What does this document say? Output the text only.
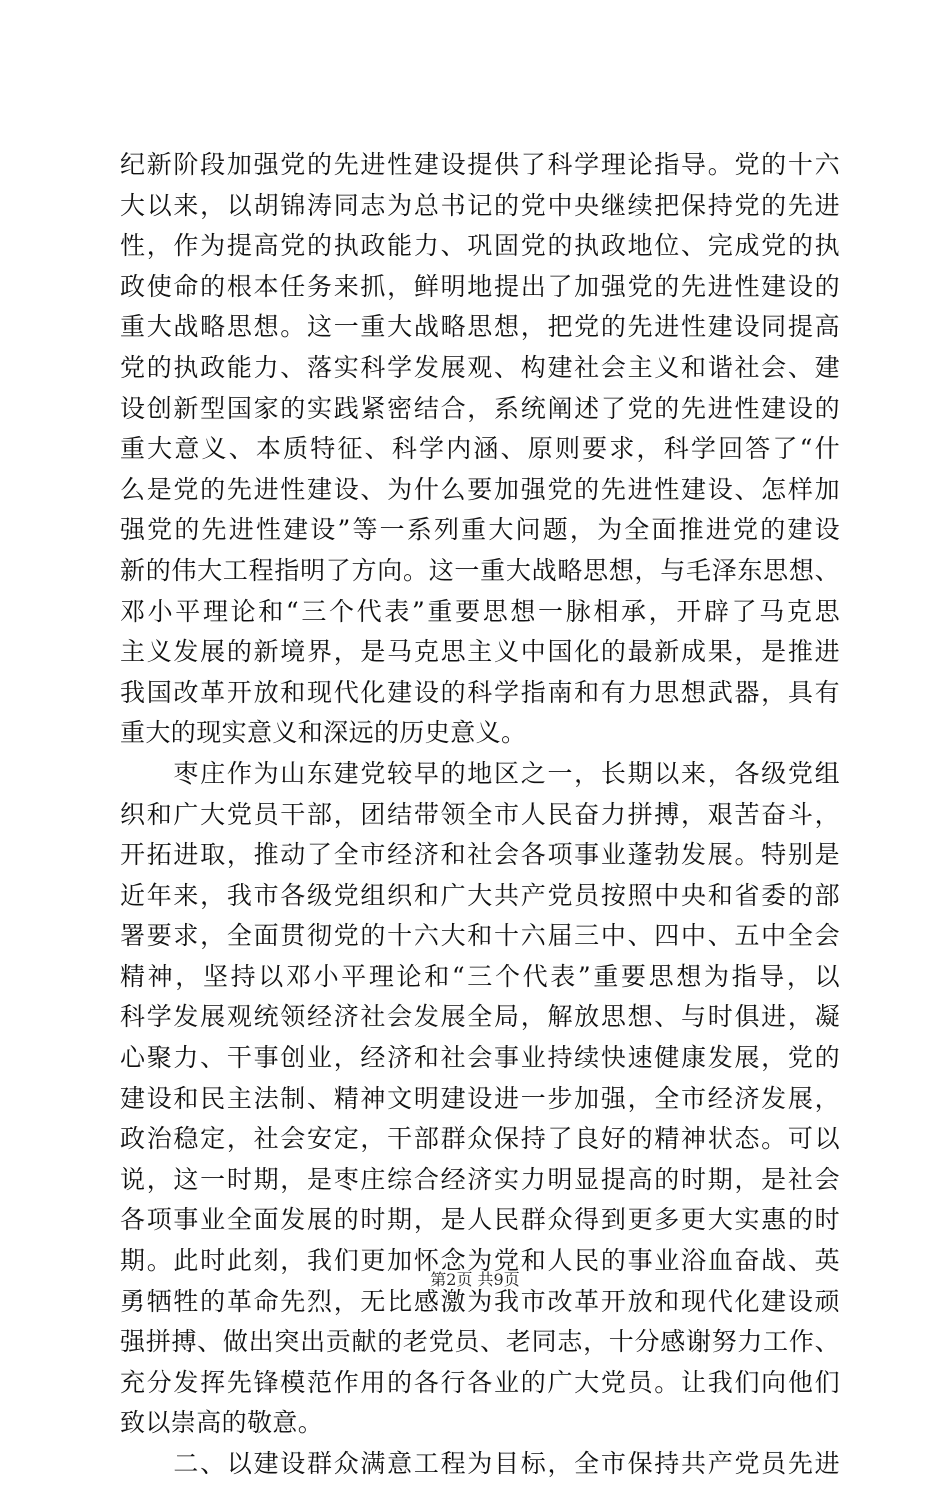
纪新阶段加强党的先进性建设提供了科学理论指导。党的十六
大以来，以胡锦涛同志为总书记的党中央继续把保持党的先进
性，作为提高党的执政能力、巩固党的执政地位、完成党的执
政使命的根本任务来抓，鲜明地提出了加强党的先进性建设的
重大战略思想。这一重大战略思想，把党的先进性建设同提高
党的执政能力、落实科学发展观、构建社会主义和谐社会、建
设创新型国家的实践紧密结合，系统阐述了党的先进性建设的
重大意义、本质特征、科学内涵、原则要求，科学回答了“什
么是党的先进性建设、为什么要加强党的先进性建设、怎样加
强党的先进性建设”等一系列重大问题，为全面推进党的建设
新的伟大工程指明了方向。这一重大战略思想，与毛泽东思想、
邓小平理论和“三个代表”重要思想一脉相承，开辟了马克思
主义发展的新境界，是马克思主义中国化的最新成果，是推进
我国改革开放和现代化建设的科学指南和有力思想武器，具有
重大的现实意义和深远的历史意义。
　　枣庄作为山东建党较早的地区之一，长期以来，各级党组
织和广大党员干部，团结带领全市人民奋力拼搏，艰苦奋斗，
开拓进取，推动了全市经济和社会各项事业蓬勃发展。特别是
近年来，我市各级党组织和广大共产党员按照中央和省委的部
署要求，全面贯彻党的十六大和十六届三中、四中、五中全会
精神，坚持以邓小平理论和“三个代表”重要思想为指导，以
科学发展观统领经济社会发展全局，解放思想、与时俱进，凝
心聚力、干事创业，经济和社会事业持续快速健康发展，党的
建设和民主法制、精神文明建设进一步加强，全市经济发展，
政治稳定，社会安定，干部群众保持了良好的精神状态。可以
说，这一时期，是枣庄综合经济实力明显提高的时期，是社会
各项事业全面发展的时期，是人民群众得到更多更大实惠的时
期。此时此刻，我们更加怀念为党和人民的事业浴血奋战、英
勇牺牲的革命先烈，无比感激为我市改革开放和现代化建设顽
强拼搏、做出突出贡献的老党员、老同志，十分感谢努力工作、
充分发挥先锋模范作用的各行各业的广大党员。让我们向他们
致以崇高的敬意。
　　二、以建设群众满意工程为目标，全市保持共产党员先进
第2页 共9页
